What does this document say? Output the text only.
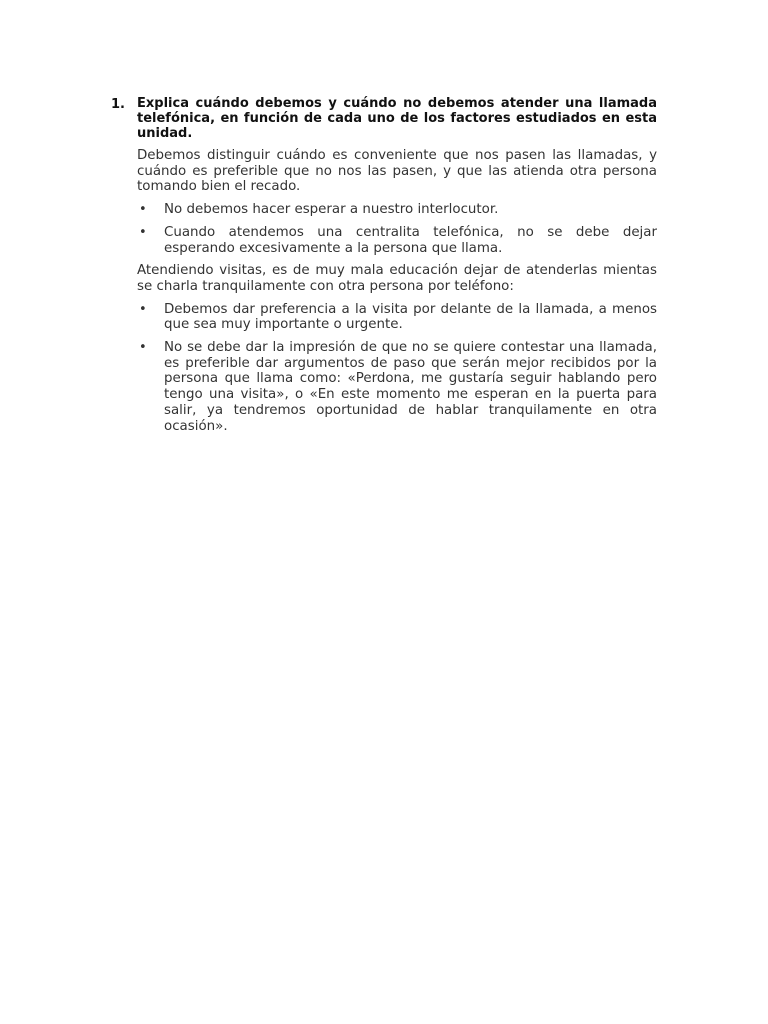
1. Explica cuándo debemos y cuándo no debemos atender una llamada telefónica, en función de cada uno de los factores estudiados en esta unidad.

Debemos distinguir cuándo es conveniente que nos pasen las llamadas, y cuándo es preferible que no nos las pasen, y que las atienda otra persona tomando bien el recado.

•	No debemos hacer esperar a nuestro interlocutor.
•	Cuando atendemos una centralita telefónica, no se debe dejar esperando excesivamente a la persona que llama.

Atendiendo visitas, es de muy mala educación dejar de atenderlas mientas se charla tranquilamente con otra persona por teléfono:

•	Debemos dar preferencia a la visita por delante de la llamada, a menos que sea muy importante o urgente.
•	No se debe dar la impresión de que no se quiere contestar una llamada, es preferible dar argumentos de paso que serán mejor recibidos por la persona que llama como: «Perdona, me gustaría seguir hablando pero tengo una visita», o «En este momento me esperan en la puerta para salir, ya tendremos oportunidad de hablar tranquilamente en otra ocasión».
